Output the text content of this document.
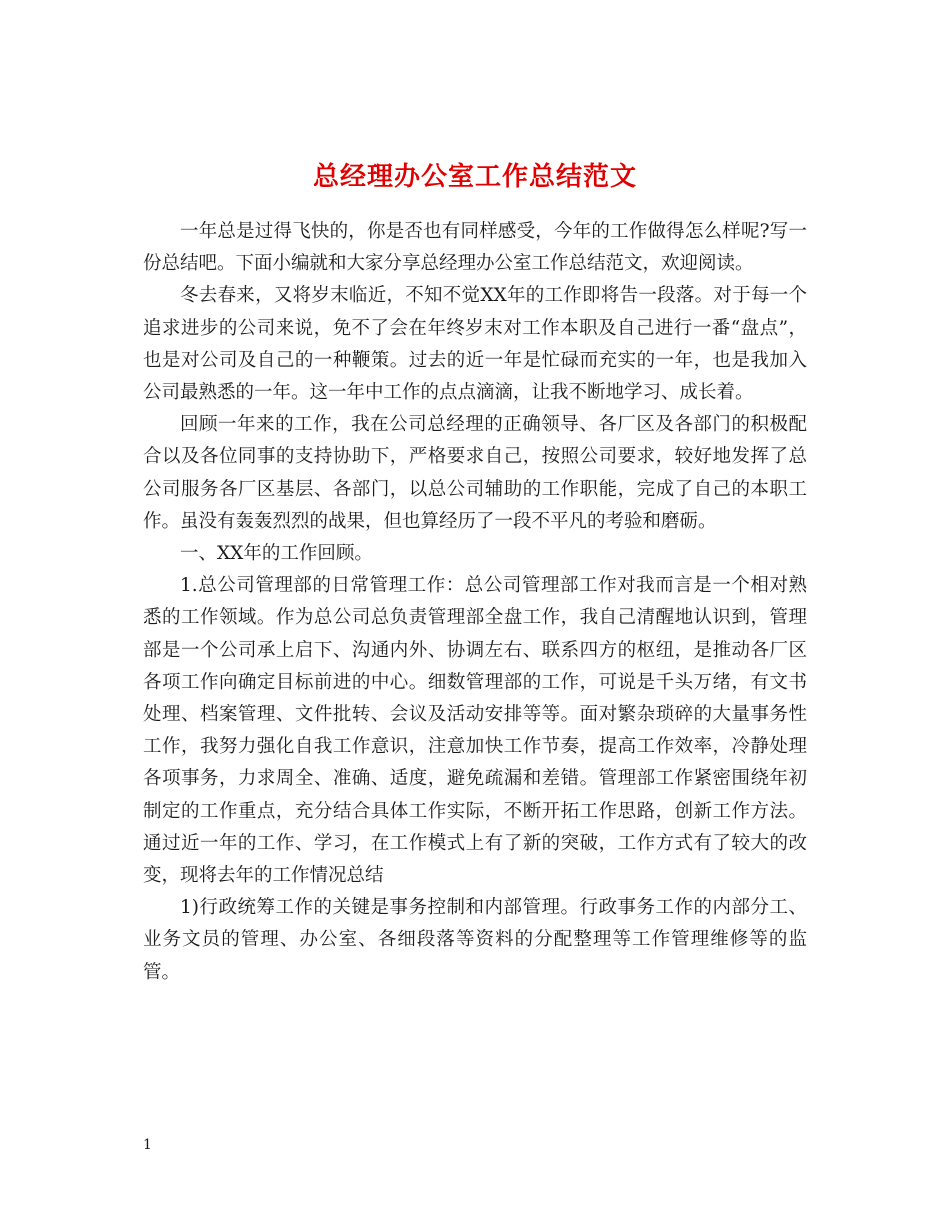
总经理办公室工作总结范文

一年总是过得飞快的，你是否也有同样感受，今年的工作做得怎么样呢?写一份总结吧。下面小编就和大家分享总经理办公室工作总结范文，欢迎阅读。

冬去春来，又将岁末临近，不知不觉XX年的工作即将告一段落。对于每一个追求进步的公司来说，免不了会在年终岁末对工作本职及自己进行一番“盘点”，也是对公司及自己的一种鞭策。过去的近一年是忙碌而充实的一年，也是我加入公司最熟悉的一年。这一年中工作的点点滴滴，让我不断地学习、成长着。

回顾一年来的工作，我在公司总经理的正确领导、各厂区及各部门的积极配合以及各位同事的支持协助下，严格要求自己，按照公司要求，较好地发挥了总公司服务各厂区基层、各部门，以总公司辅助的工作职能，完成了自己的本职工作。虽没有轰轰烈烈的战果，但也算经历了一段不平凡的考验和磨砺。

一、XX年的工作回顾。

1.总公司管理部的日常管理工作：总公司管理部工作对我而言是一个相对熟悉的工作领域。作为总公司总负责管理部全盘工作，我自己清醒地认识到，管理部是一个公司承上启下、沟通内外、协调左右、联系四方的枢纽，是推动各厂区各项工作向确定目标前进的中心。细数管理部的工作，可说是千头万绪，有文书处理、档案管理、文件批转、会议及活动安排等等。面对繁杂琐碎的大量事务性工作，我努力强化自我工作意识，注意加快工作节奏，提高工作效率，冷静处理各项事务，力求周全、准确、适度，避免疏漏和差错。管理部工作紧密围绕年初制定的工作重点，充分结合具体工作实际，不断开拓工作思路，创新工作方法。通过近一年的工作、学习，在工作模式上有了新的突破，工作方式有了较大的改变，现将去年的工作情况总结

1)行政统筹工作的关键是事务控制和内部管理。行政事务工作的内部分工、业务文员的管理、办公室、各细段落等资料的分配整理等工作管理维修等的监管。

1
